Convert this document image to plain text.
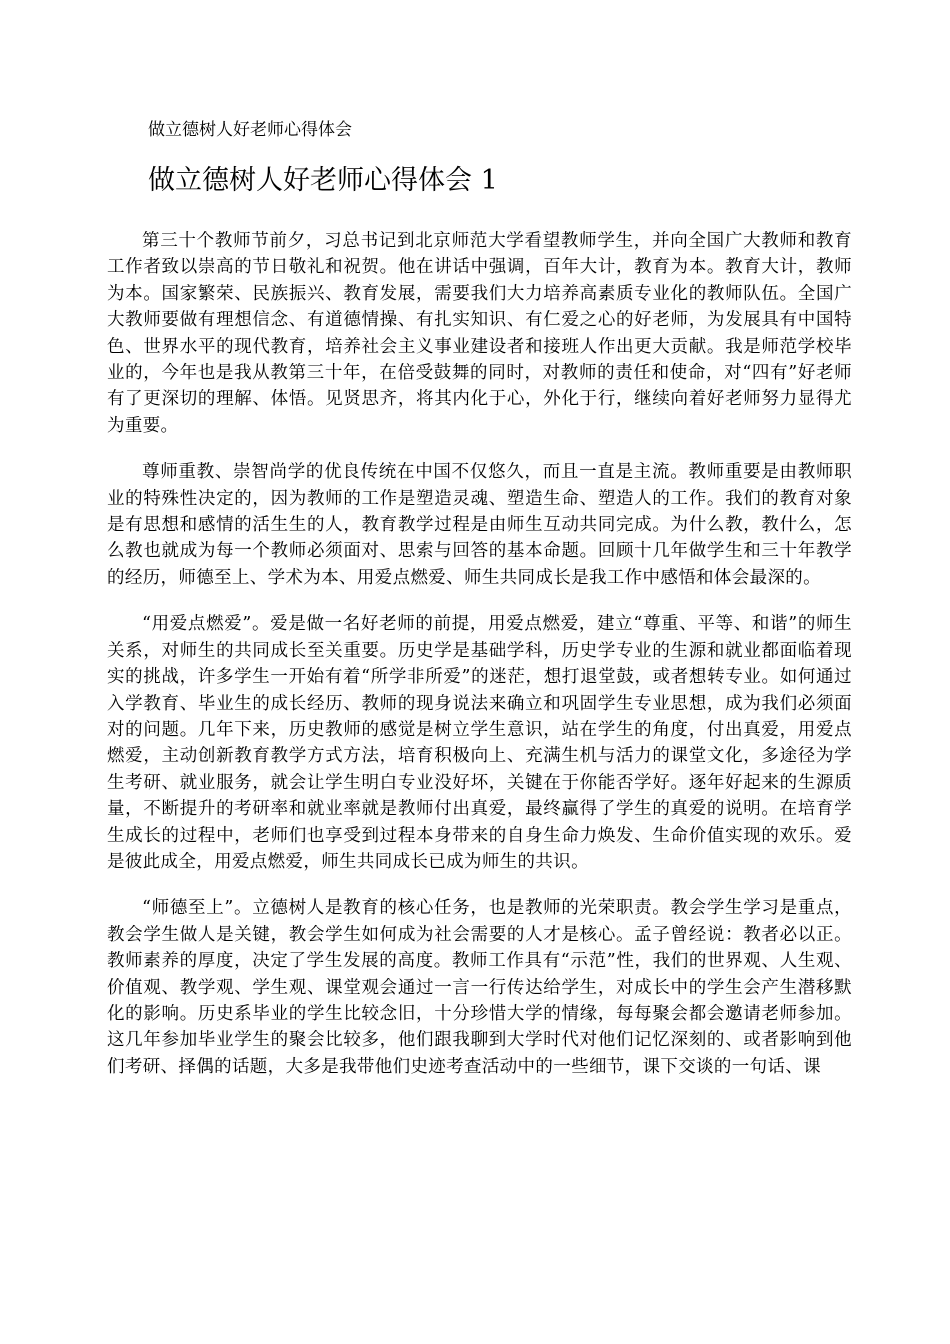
做立德树人好老师心得体会
做立德树人好老师心得体会 1

第三十个教师节前夕，习总书记到北京师范大学看望教师学生，并向全国广大教师和教育工作者致以崇高的节日敬礼和祝贺。他在讲话中强调，百年大计，教育为本。教育大计，教师为本。国家繁荣、民族振兴、教育发展，需要我们大力培养高素质专业化的教师队伍。全国广大教师要做有理想信念、有道德情操、有扎实知识、有仁爱之心的好老师，为发展具有中国特色、世界水平的现代教育，培养社会主义事业建设者和接班人作出更大贡献。我是师范学校毕业的，今年也是我从教第三十年，在倍受鼓舞的同时，对教师的责任和使命，对“四有”好老师有了更深切的理解、体悟。见贤思齐，将其内化于心，外化于行，继续向着好老师努力显得尤为重要。

尊师重教、崇智尚学的优良传统在中国不仅悠久，而且一直是主流。教师重要是由教师职业的特殊性决定的，因为教师的工作是塑造灵魂、塑造生命、塑造人的工作。我们的教育对象是有思想和感情的活生生的人，教育教学过程是由师生互动共同完成。为什么教，教什么，怎么教也就成为每一个教师必须面对、思索与回答的基本命题。回顾十几年做学生和三十年教学的经历，师德至上、学术为本、用爱点燃爱、师生共同成长是我工作中感悟和体会最深的。

“用爱点燃爱”。爱是做一名好老师的前提，用爱点燃爱，建立“尊重、平等、和谐”的师生关系，对师生的共同成长至关重要。历史学是基础学科，历史学专业的生源和就业都面临着现实的挑战，许多学生一开始有着“所学非所爱”的迷茫，想打退堂鼓，或者想转专业。如何通过入学教育、毕业生的成长经历、教师的现身说法来确立和巩固学生专业思想，成为我们必须面对的问题。几年下来，历史教师的感觉是树立学生意识，站在学生的角度，付出真爱，用爱点燃爱，主动创新教育教学方式方法，培育积极向上、充满生机与活力的课堂文化，多途径为学生考研、就业服务，就会让学生明白专业没好坏，关键在于你能否学好。逐年好起来的生源质量，不断提升的考研率和就业率就是教师付出真爱，最终赢得了学生的真爱的说明。在培育学生成长的过程中，老师们也享受到过程本身带来的自身生命力焕发、生命价值实现的欢乐。爱是彼此成全，用爱点燃爱，师生共同成长已成为师生的共识。

“师德至上”。立德树人是教育的核心任务，也是教师的光荣职责。教会学生学习是重点，教会学生做人是关键，教会学生如何成为社会需要的人才是核心。孟子曾经说：教者必以正。教师素养的厚度，决定了学生发展的高度。教师工作具有“示范”性，我们的世界观、人生观、价值观、教学观、学生观、课堂观会通过一言一行传达给学生，对成长中的学生会产生潜移默化的影响。历史系毕业的学生比较念旧，十分珍惜大学的情缘，每每聚会都会邀请老师参加。这几年参加毕业学生的聚会比较多，他们跟我聊到大学时代对他们记忆深刻的、或者影响到他们考研、择偶的话题，大多是我带他们史迹考查活动中的一些细节，课下交谈的一句话、课
